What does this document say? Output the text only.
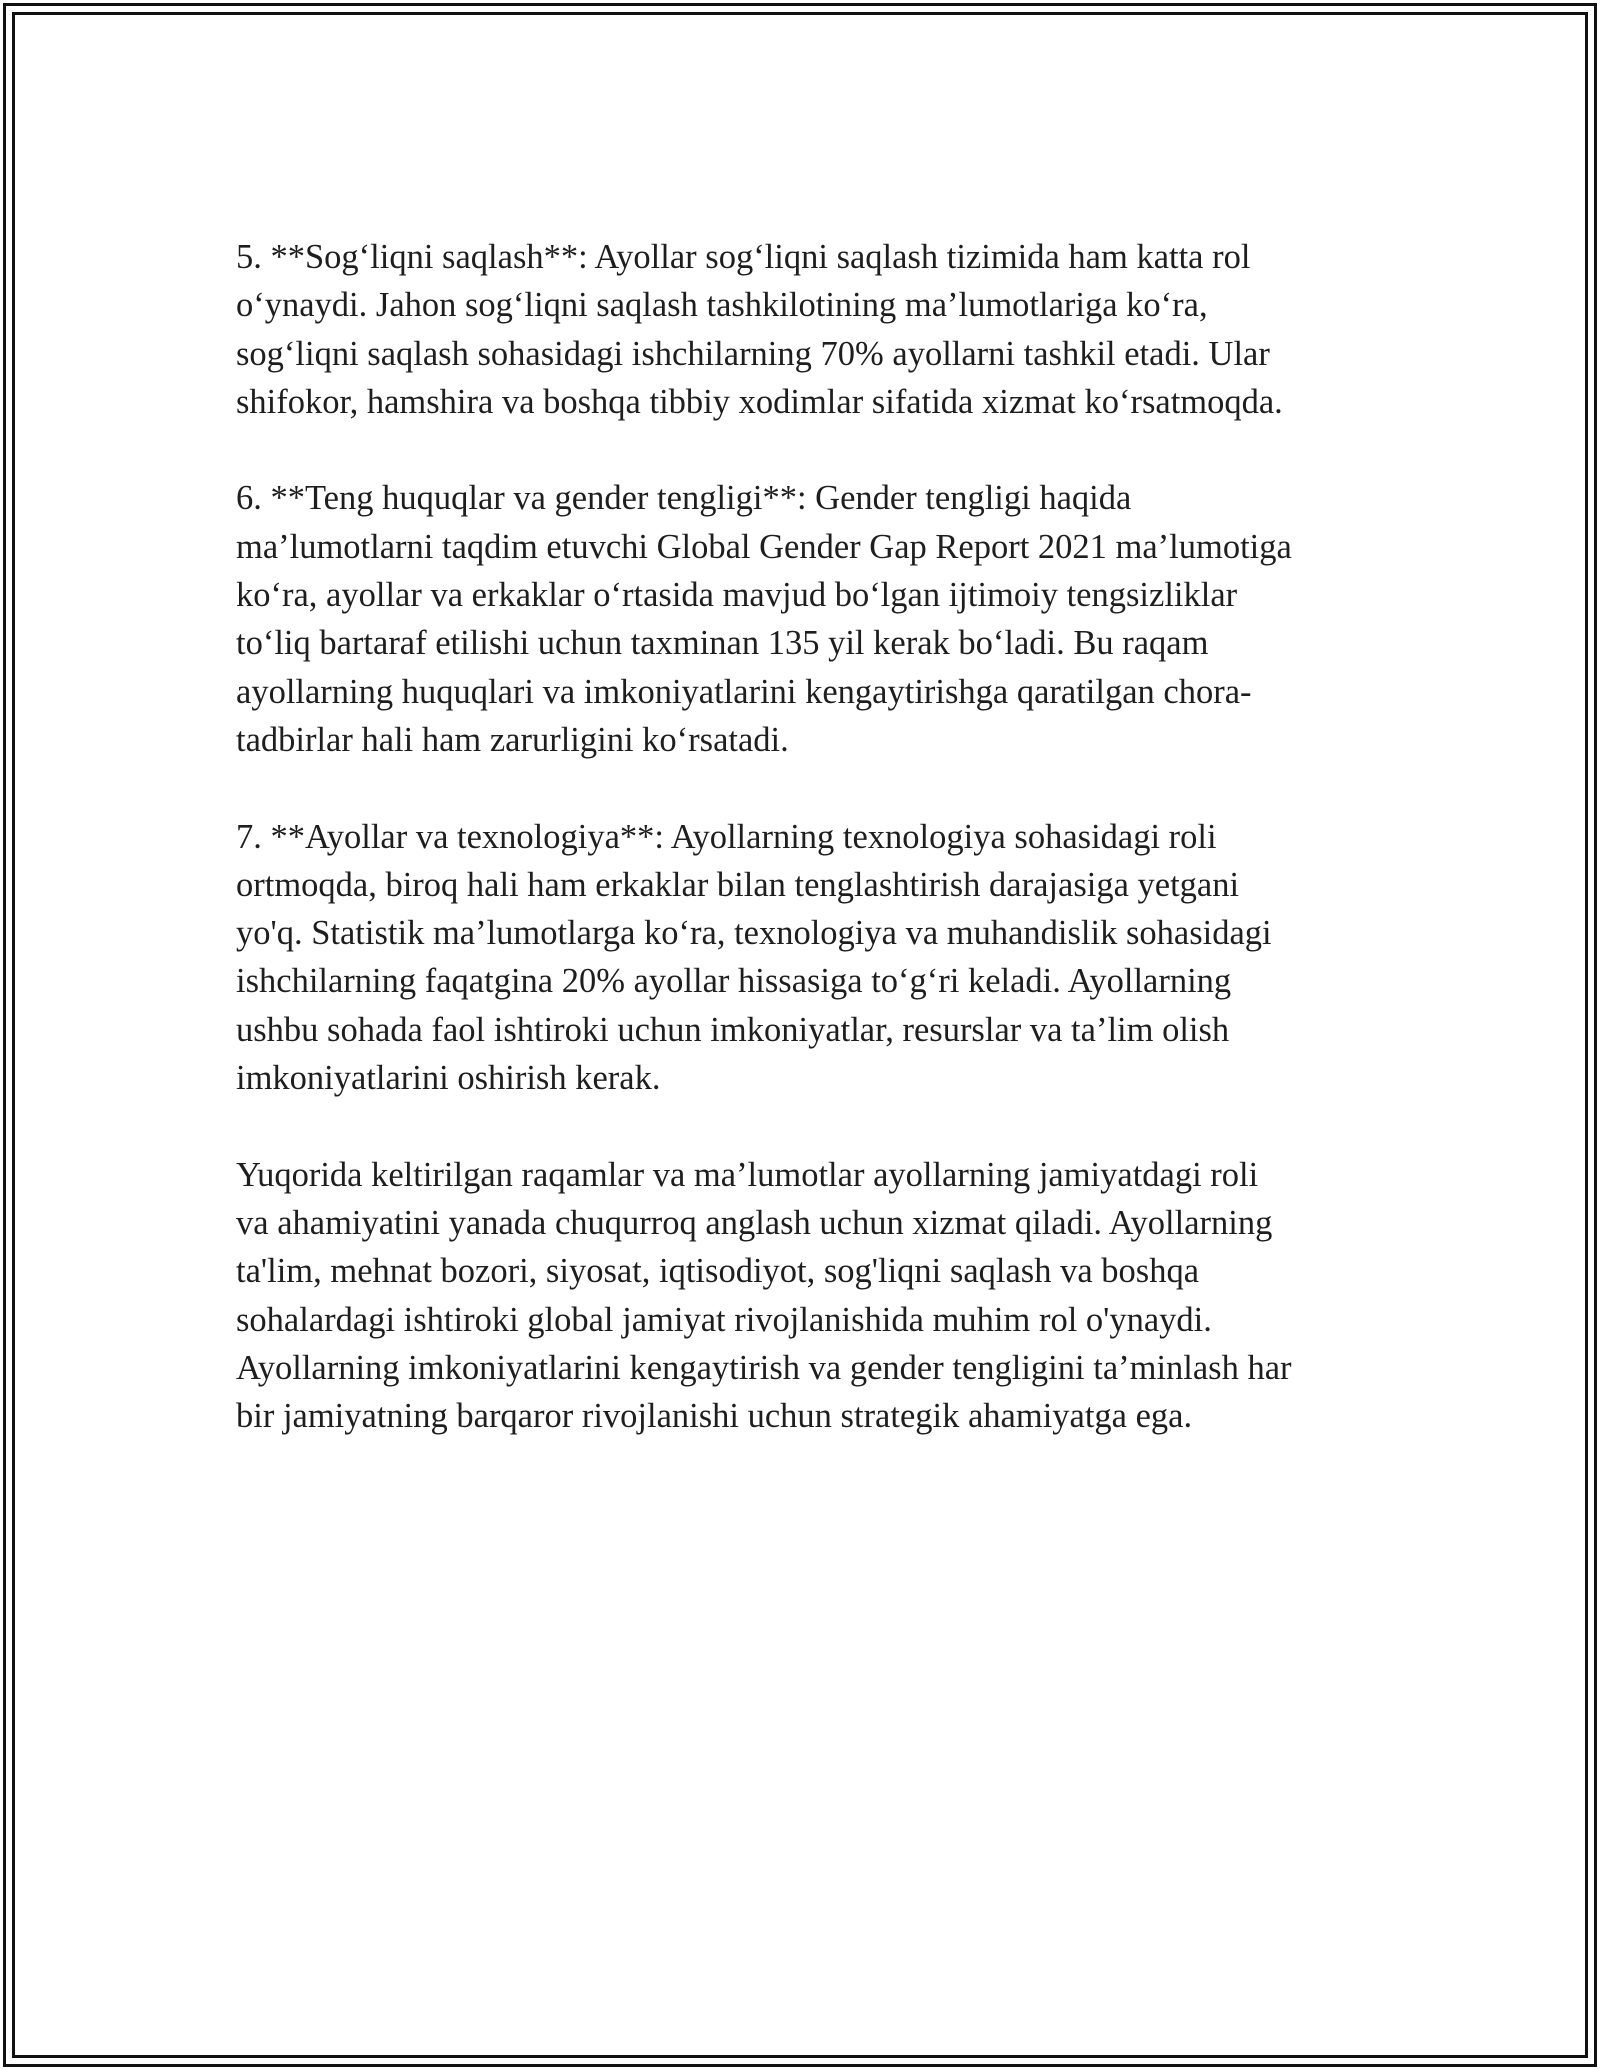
5. **Sog‘liqni saqlash**: Ayollar sog‘liqni saqlash tizimida ham katta rol
o‘ynaydi. Jahon sog‘liqni saqlash tashkilotining ma’lumotlariga ko‘ra,
sog‘liqni saqlash sohasidagi ishchilarning 70% ayollarni tashkil etadi. Ular
shifokor, hamshira va boshqa tibbiy xodimlar sifatida xizmat ko‘rsatmoqda.

6. **Teng huquqlar va gender tengligi**: Gender tengligi haqida
ma’lumotlarni taqdim etuvchi Global Gender Gap Report 2021 ma’lumotiga
ko‘ra, ayollar va erkaklar o‘rtasida mavjud bo‘lgan ijtimoiy tengsizliklar
to‘liq bartaraf etilishi uchun taxminan 135 yil kerak bo‘ladi. Bu raqam
ayollarning huquqlari va imkoniyatlarini kengaytirishga qaratilgan chora-
tadbirlar hali ham zarurligini ko‘rsatadi.

7. **Ayollar va texnologiya**: Ayollarning texnologiya sohasidagi roli
ortmoqda, biroq hali ham erkaklar bilan tenglashtirish darajasiga yetgani
yo'q. Statistik ma’lumotlarga ko‘ra, texnologiya va muhandislik sohasidagi
ishchilarning faqatgina 20% ayollar hissasiga to‘g‘ri keladi. Ayollarning
ushbu sohada faol ishtiroki uchun imkoniyatlar, resurslar va ta’lim olish
imkoniyatlarini oshirish kerak.

Yuqorida keltirilgan raqamlar va ma’lumotlar ayollarning jamiyatdagi roli
va ahamiyatini yanada chuqurroq anglash uchun xizmat qiladi. Ayollarning
ta'lim, mehnat bozori, siyosat, iqtisodiyot, sog'liqni saqlash va boshqa
sohalardagi ishtiroki global jamiyat rivojlanishida muhim rol o'ynaydi.
Ayollarning imkoniyatlarini kengaytirish va gender tengligini ta’minlash har
bir jamiyatning barqaror rivojlanishi uchun strategik ahamiyatga ega.
